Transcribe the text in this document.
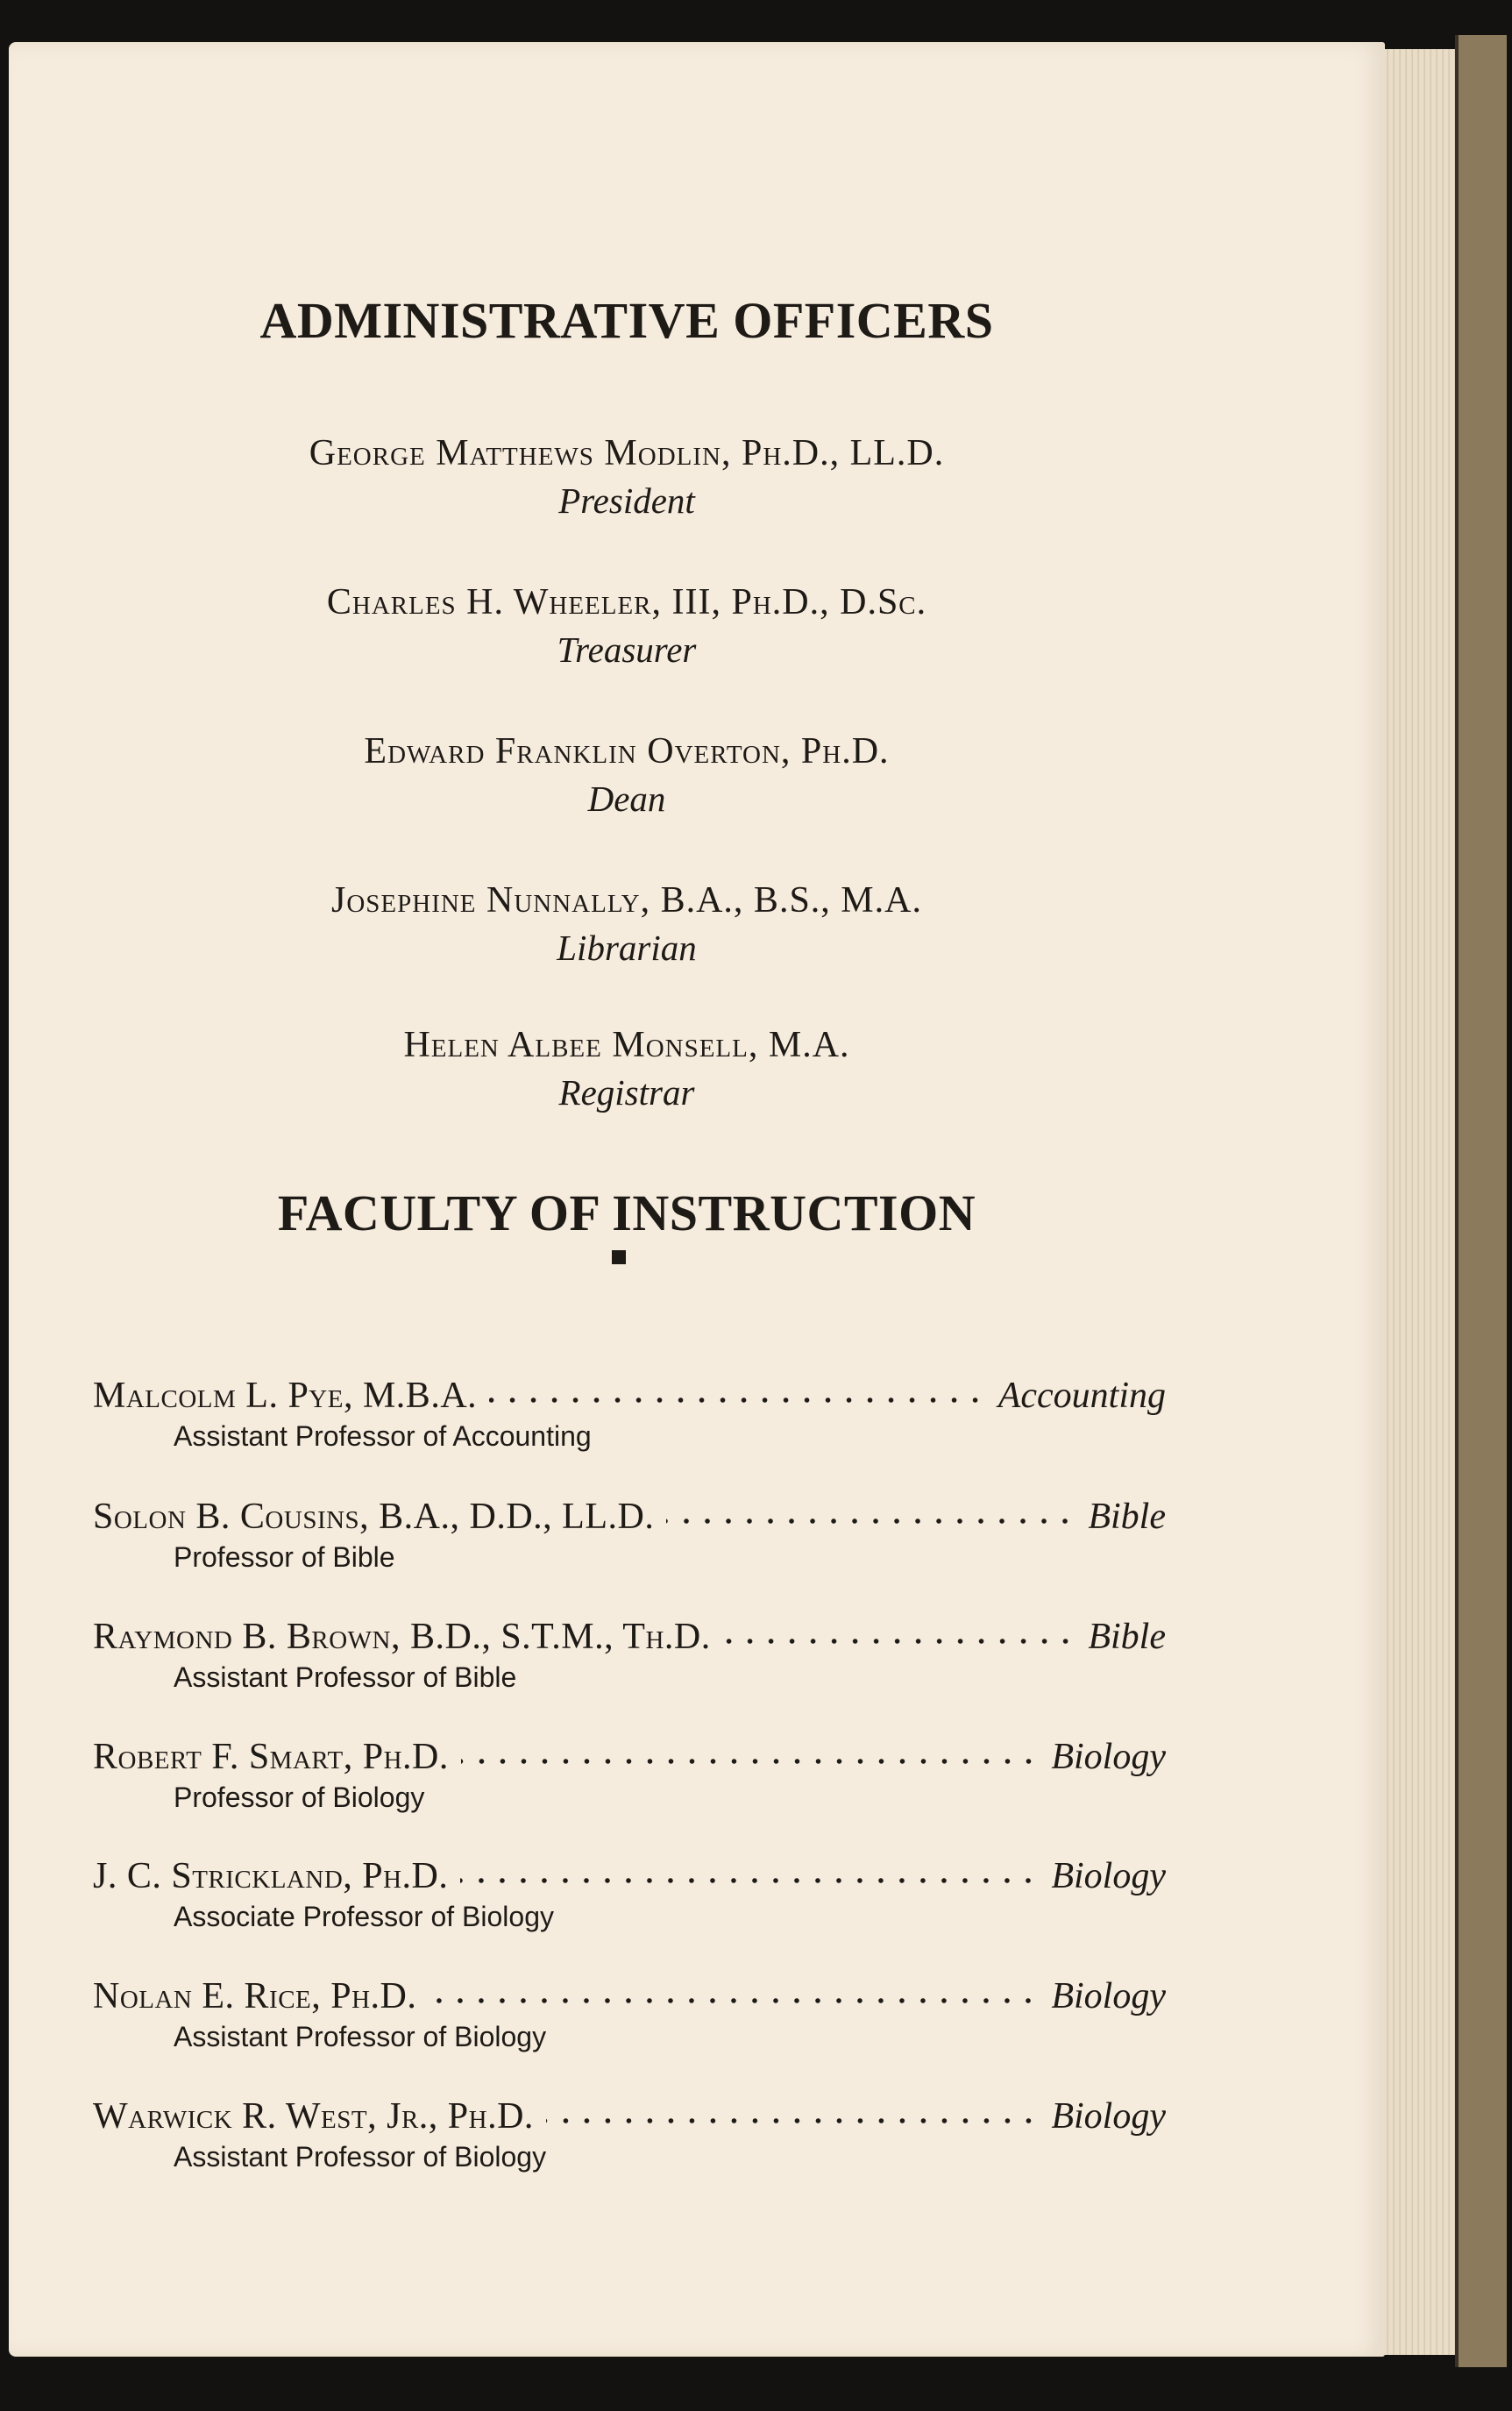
ADMINISTRATIVE OFFICERS
George Matthews Modlin, Ph.D., LL.D.
President
Charles H. Wheeler, III, Ph.D., D.Sc.
Treasurer
Edward Franklin Overton, Ph.D.
Dean
Josephine Nunnally, B.A., B.S., M.A.
Librarian
Helen Albee Monsell, M.A.
Registrar
FACULTY OF INSTRUCTION
Malcolm L. Pye, M.B.A.	Accounting
Assistant Professor of Accounting
Solon B. Cousins, B.A., D.D., LL.D.	Bible
Professor of Bible
Raymond B. Brown, B.D., S.T.M., Th.D.	Bible
Assistant Professor of Bible
Robert F. Smart, Ph.D.	Biology
Professor of Biology
J. C. Strickland, Ph.D.	Biology
Associate Professor of Biology
Nolan E. Rice, Ph.D.	Biology
Assistant Professor of Biology
Warwick R. West, Jr., Ph.D.	Biology
Assistant Professor of Biology
